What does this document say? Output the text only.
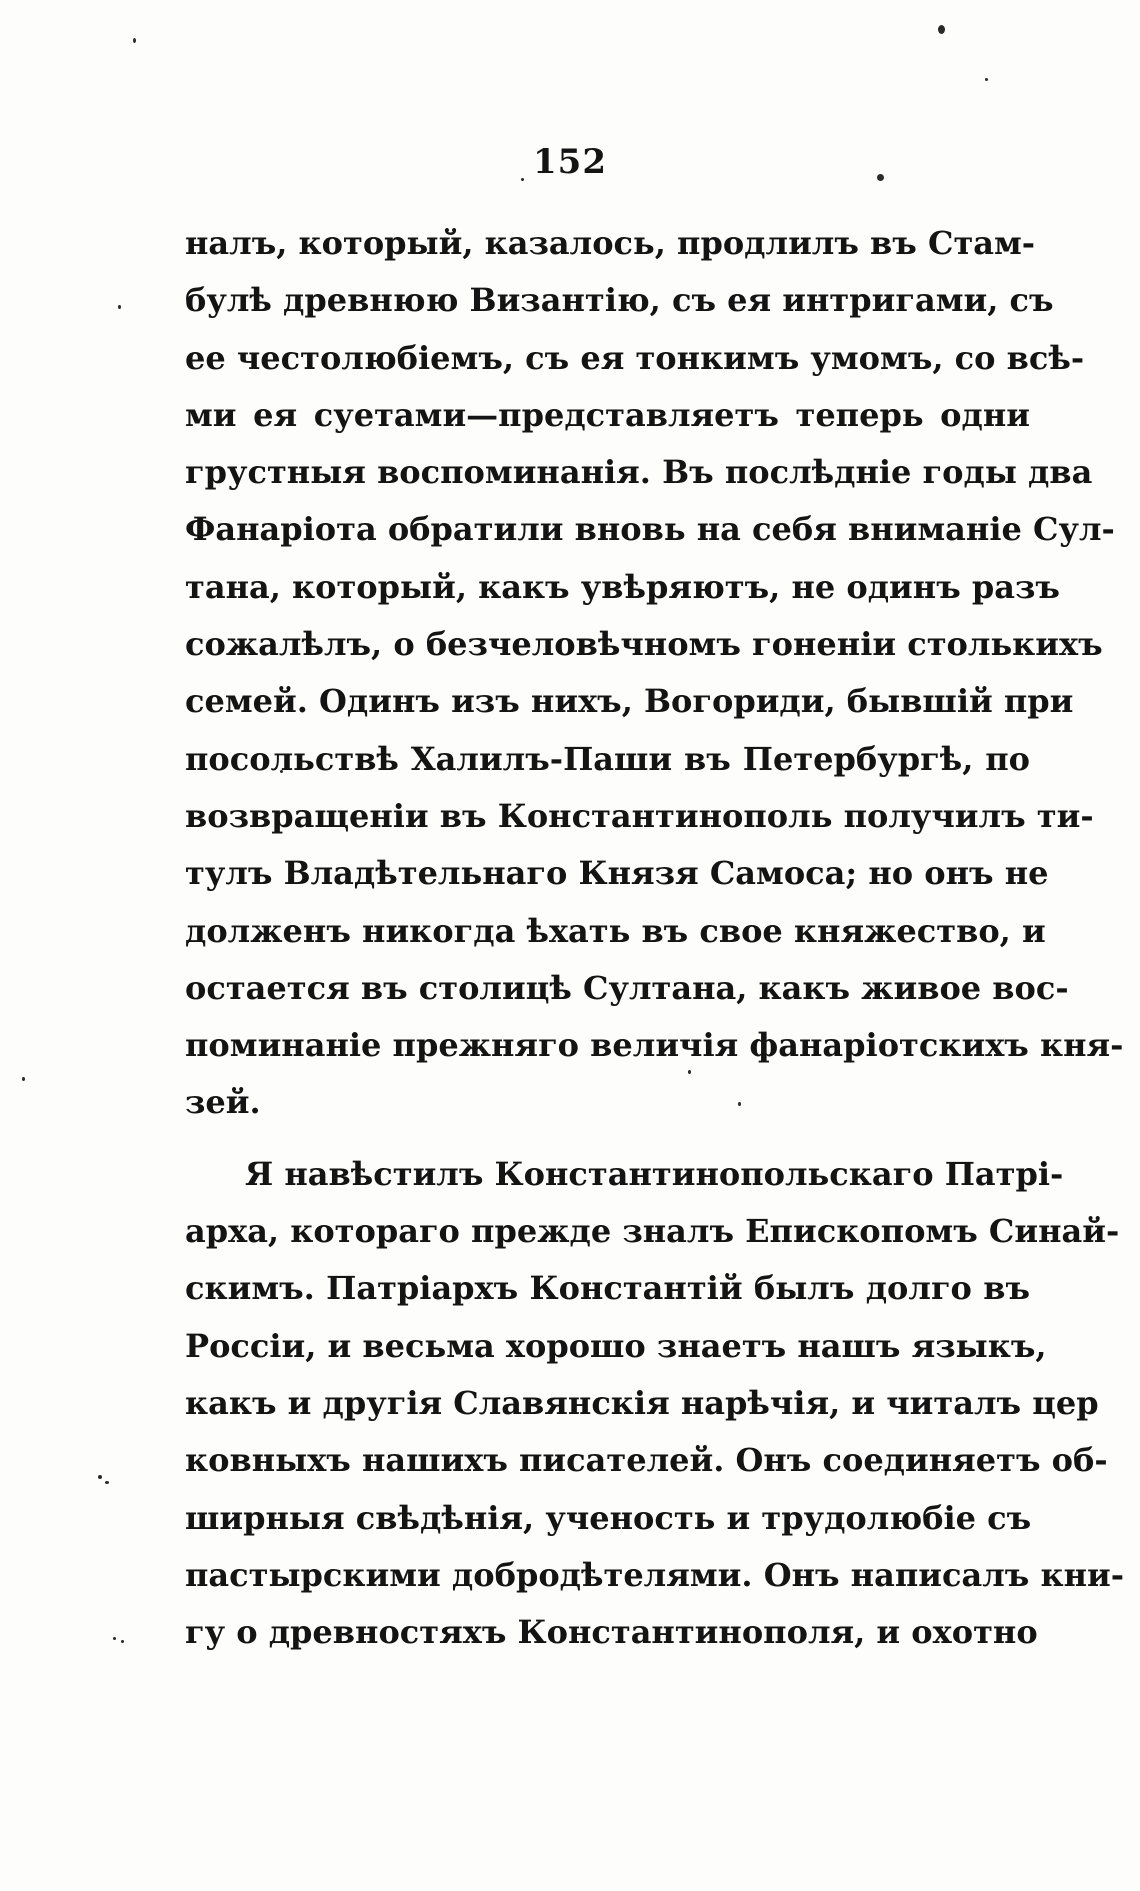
152
налъ, который, казалось, продлилъ въ Стам-
булѣ древнюю Византію, съ ея интригами, съ
ее честолюбіемъ, съ ея тонкимъ умомъ, со всѣ-
ми ея суетами—представляетъ теперь одни
грустныя воспоминанія. Въ послѣдніе годы два
Фанаріота обратили вновь на себя вниманіе Сул-
тана, который, какъ увѣряютъ, не одинъ разъ
сожалѣлъ, о безчеловѣчномъ гоненіи столькихъ
семей. Одинъ изъ нихъ, Вогориди, бывшій при
посольствѣ Халилъ-Паши въ Петербургѣ, по
возвращеніи въ Константинополь получилъ ти-
тулъ Владѣтельнаго Князя Самоса; но онъ не
долженъ никогда ѣхать въ свое княжество, и
остается въ столицѣ Султана, какъ живое вос-
поминаніе прежняго величія фанаріотскихъ кня-
зей.
Я навѣстилъ Константинопольскаго Патрі-
арха, котораго прежде зналъ Епископомъ Синай-
скимъ. Патріархъ Константій былъ долго въ
Россіи, и весьма хорошо знаетъ нашъ языкъ,
какъ и другія Славянскія нарѣчія, и читалъ цер
ковныхъ нашихъ писателей. Онъ соединяетъ об-
ширныя свѣдѣнія, ученость и трудолюбіе съ
пастырскими добродѣтелями. Онъ написалъ кни-
гу о древностяхъ Константинополя, и охотно
